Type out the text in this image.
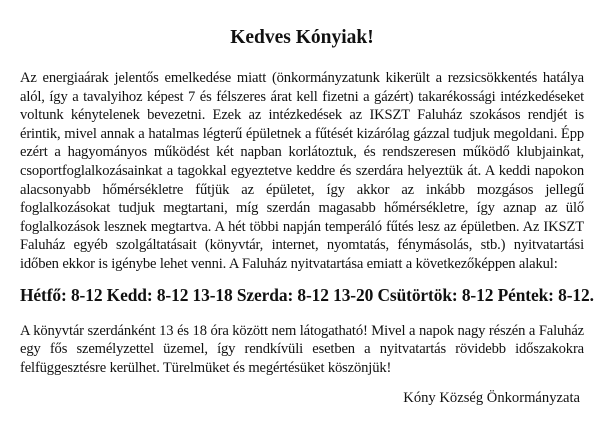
Kedves Kónyiak!

Az energiaárak jelentős emelkedése miatt (önkormányzatunk kikerült a rezsicsökkentés hatálya alól, így a tavalyihoz képest 7 és félszeres árat kell fizetni a gázért) takarékossági intézkedéseket voltunk kénytelenek bevezetni. Ezek az intézkedések az IKSZT Faluház szokásos rendjét is érintik, mivel annak a hatalmas légterű épületnek a fűtését kizárólag gázzal tudjuk megoldani. Épp ezért a hagyományos működést két napban korlátoztuk, és rendszeresen működő klubjainkat, csoportfoglalkozásainkat a tagokkal egyeztetve keddre és szerdára helyeztük át. A keddi napokon alacsonyabb hőmérsékletre fűtjük az épületet, így akkor az inkább mozgásos jellegű foglalkozásokat tudjuk megtartani, míg szerdán magasabb hőmérsékletre, így aznap az ülő foglalkozások lesznek megtartva. A hét többi napján temperáló fűtés lesz az épületben. Az IKSZT Faluház egyéb szolgáltatásait (könyvtár, internet, nyomtatás, fénymásolás, stb.) nyitvatartási időben ekkor is igénybe lehet venni. A Faluház nyitvatartása emiatt a következőképpen alakul:

Hétfő: 8-12 Kedd: 8-12 13-18 Szerda: 8-12 13-20 Csütörtök: 8-12 Péntek: 8-12.

A könyvtár szerdánként 13 és 18 óra között nem látogatható! Mivel a napok nagy részén a Faluház egy fős személyzettel üzemel, így rendkívüli esetben a nyitvatartás rövidebb időszakokra felfüggesztésre kerülhet. Türelmüket és megértésüket köszönjük!

Kóny Község Önkormányzata
